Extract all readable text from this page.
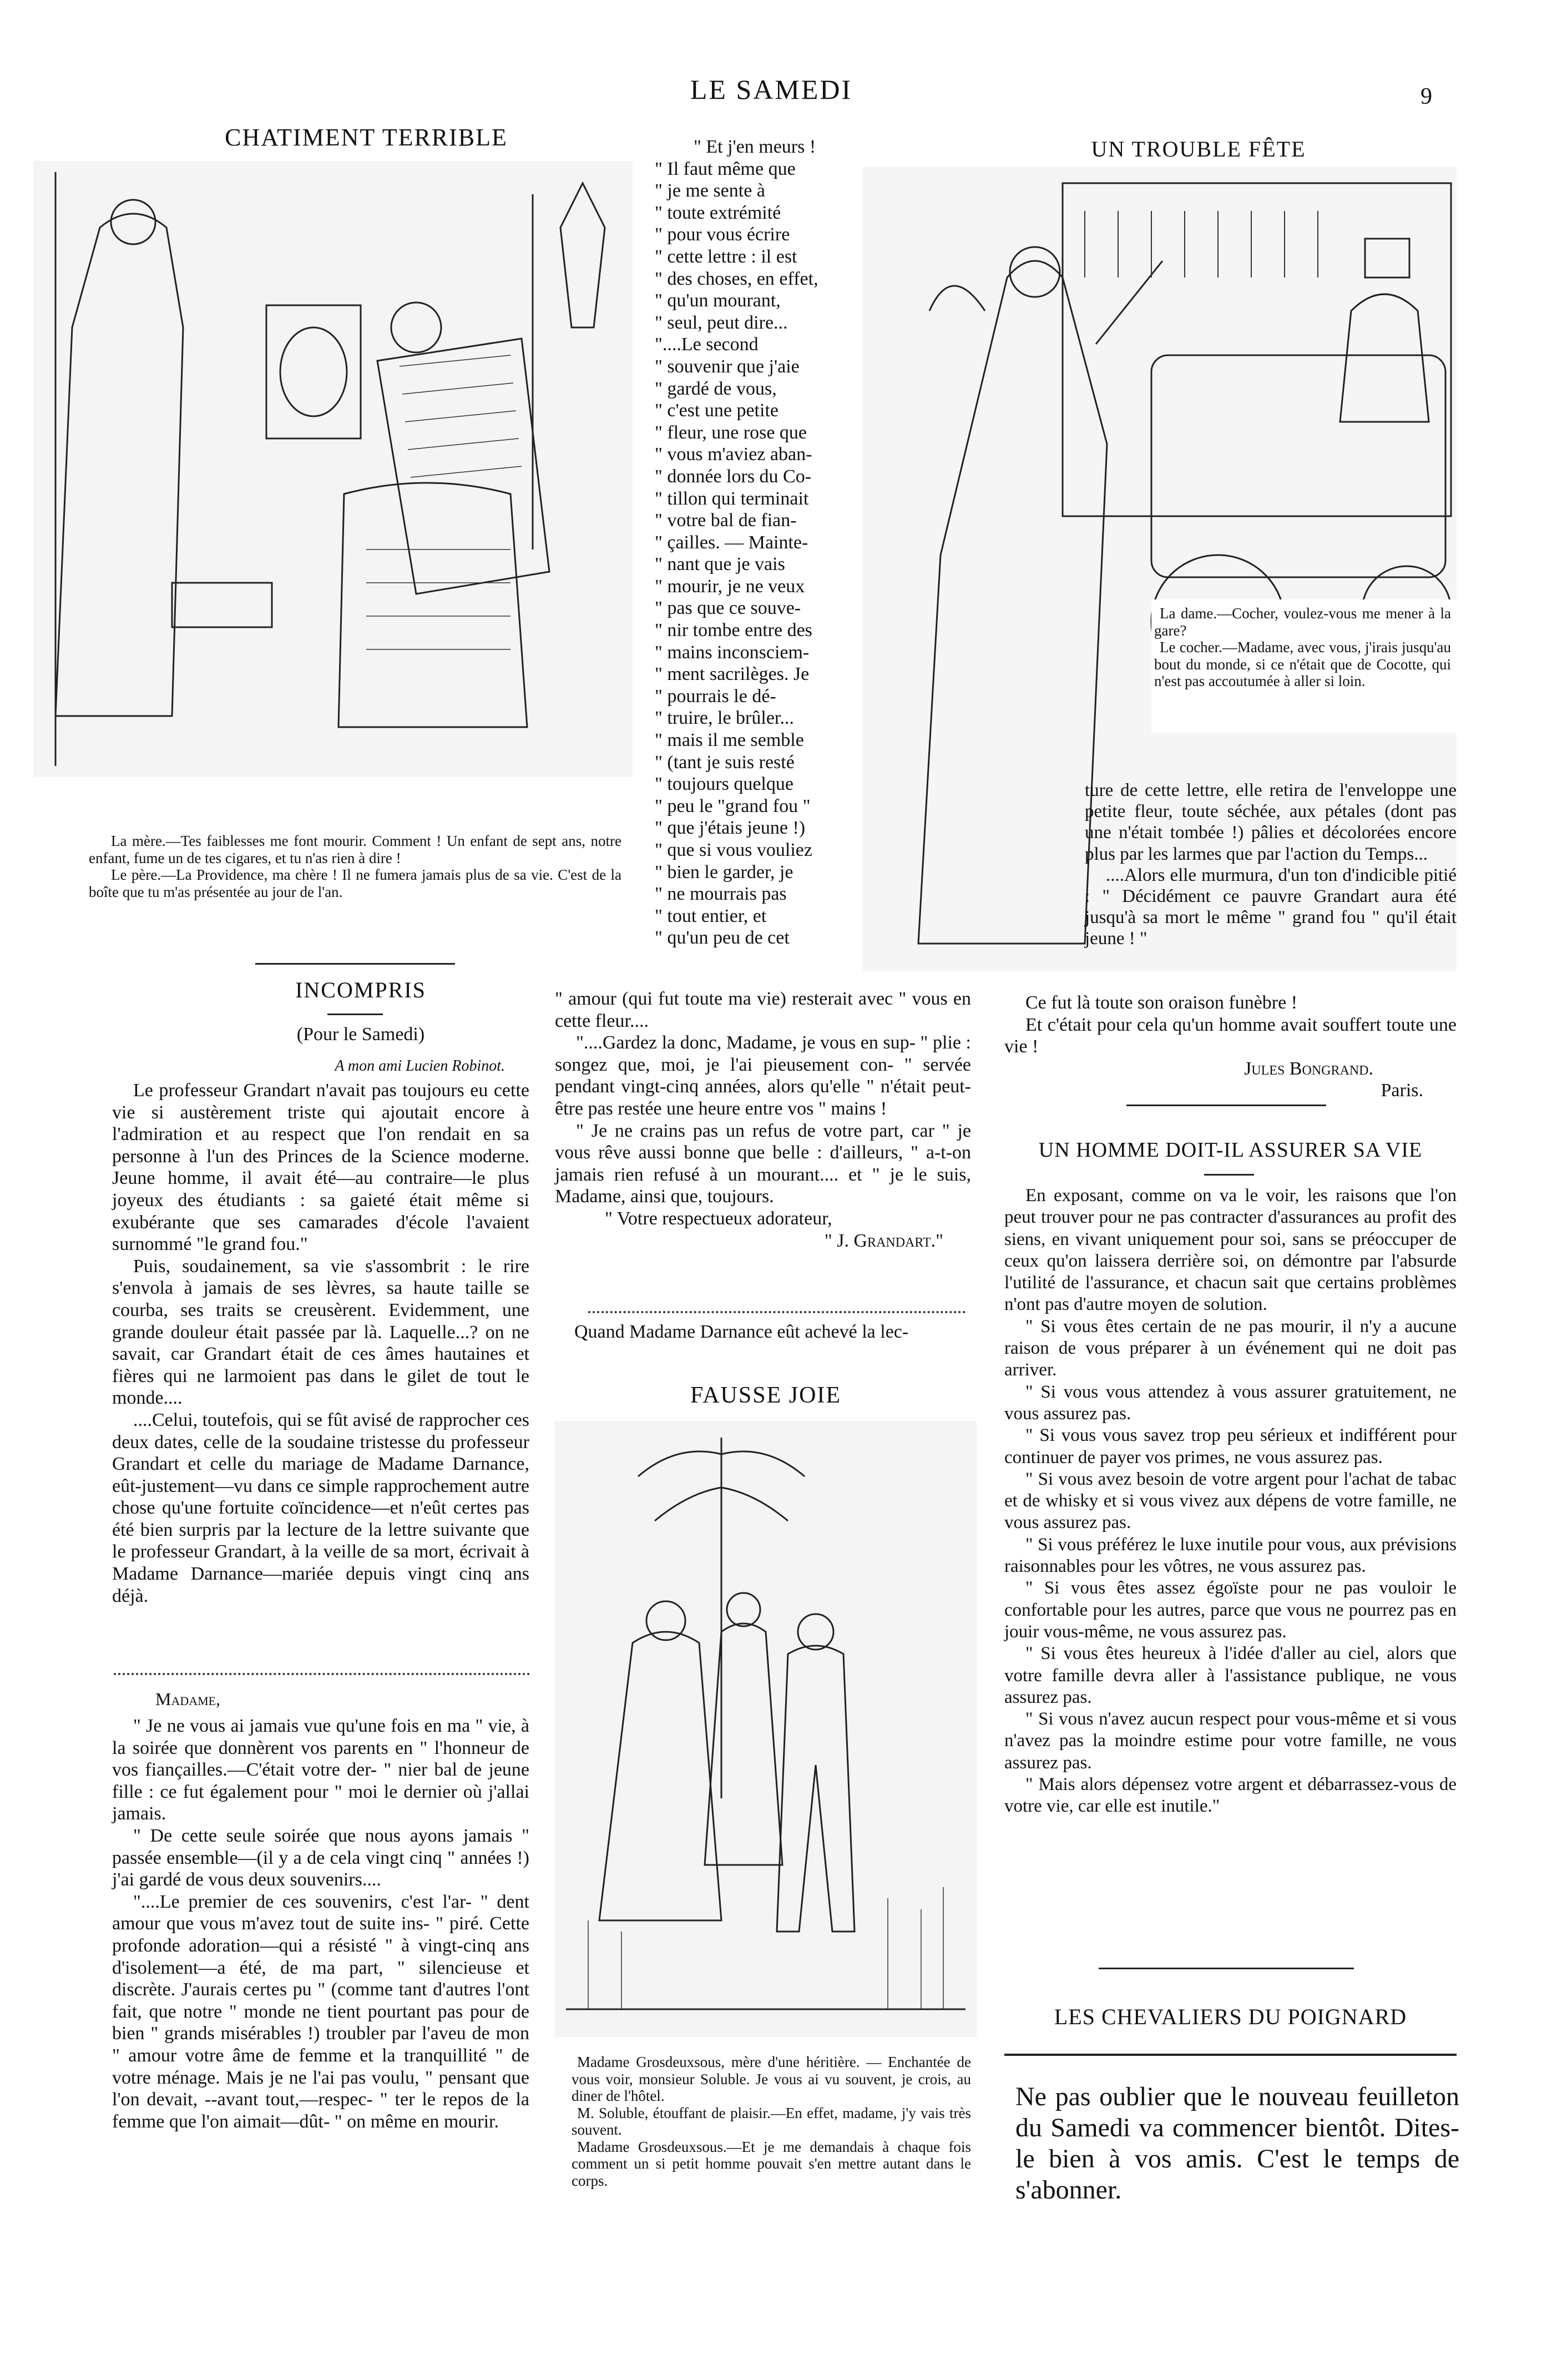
LE SAMEDI	9
CHATIMENT TERRIBLE

La mère.—Tes faiblesses me font mourir. Comment ! Un enfant de sept ans, notre enfant, fume un de tes cigares, et tu n'as rien à dire !

Le père.—La Providence, ma chère ! Il ne fumera jamais plus de sa vie. C'est de la boîte que tu m'as présentée au jour de l'an.

INCOMPRIS
(Pour le Samedi)
A mon ami Lucien Robinot.

Le professeur Grandart n'avait pas toujours eu cette vie si austèrement triste qui ajoutait encore à l'admiration et au respect que l'on rendait en sa personne à l'un des Princes de la Science moderne. Jeune homme, il avait été—au contraire—le plus joyeux des étudiants : sa gaieté était même si exubérante que ses camarades d'école l'avaient surnommé "le grand fou."

Puis, soudainement, sa vie s'assombrit : le rire s'envola à jamais de ses lèvres, sa haute taille se courba, ses traits se creusèrent. Evidemment, une grande douleur était passée par là. Laquelle...? on ne savait, car Grandart était de ces âmes hautaines et fières qui ne larmoient pas dans le gilet de tout le monde....

....Celui, toutefois, qui se fût avisé de rapprocher ces deux dates, celle de la soudaine tristesse du professeur Grandart et celle du mariage de Madame Darnance, eût-justement—vu dans ce simple rapprochement autre chose qu'une fortuite coïncidence—et n'eût certes pas été bien surpris par la lecture de la lettre suivante que le professeur Grandart, à la veille de sa mort, écrivait à Madame Darnance—mariée depuis vingt cinq ans déjà.

Madame,

" Je ne vous ai jamais vue qu'une fois en ma " vie, à la soirée que donnèrent vos parents en " l'honneur de vos fiançailles.—C'était votre der- " nier bal de jeune fille : ce fut également pour " moi le dernier où j'allai jamais.

" De cette seule soirée que nous ayons jamais " passée ensemble—(il y a de cela vingt cinq " années !) j'ai gardé de vous deux souvenirs....

"....Le premier de ces souvenirs, c'est l'ar- " dent amour que vous m'avez tout de suite ins- " piré. Cette profonde adoration—qui a résisté " à vingt-cinq ans d'isolement—a été, de ma part, " silencieuse et discrète. J'aurais certes pu " (comme tant d'autres l'ont fait, que notre " monde ne tient pourtant pas pour de bien " grands misérables !) troubler par l'aveu de mon " amour votre âme de femme et la tranquillité " de votre ménage. Mais je ne l'ai pas voulu, " pensant que l'on devait, --avant tout,—respec- " ter le repos de la femme que l'on aimait—dût- " on même en mourir.

" Et j'en meurs !

" Il faut même que

" je me sente à

" toute extrémité

" pour vous écrire

" cette lettre : il est

" des choses, en effet,

" qu'un mourant,

" seul, peut dire...

"....Le second

" souvenir que j'aie

" gardé de vous,

" c'est une petite

" fleur, une rose que

" vous m'aviez aban-

" donnée lors du Co-

" tillon qui terminait

" votre bal de fian-

" çailles. — Mainte-

" nant que je vais

" mourir, je ne veux

" pas que ce souve-

" nir tombe entre des

" mains inconsciem-

" ment sacrilèges. Je

" pourrais le dé-

" truire, le brûler...

" mais il me semble

" (tant je suis resté

" toujours quelque

" peu le "grand fou "

" que j'étais jeune !)

" que si vous vouliez

" bien le garder, je

" ne mourrais pas

" tout entier, et

" qu'un peu de cet

" amour (qui fut toute ma vie) resterait avec " vous en cette fleur....

"....Gardez la donc, Madame, je vous en sup- " plie : songez que, moi, je l'ai pieusement con- " servée pendant vingt-cinq années, alors qu'elle " n'était peut-être pas restée une heure entre vos " mains !

" Je ne crains pas un refus de votre part, car " je vous rêve aussi bonne que belle : d'ailleurs, " a-t-on jamais rien refusé à un mourant.... et " je le suis, Madame, ainsi que, toujours.

" Votre respectueux adorateur,

" J. Grandart."

Quand Madame Darnance eût achevé la lec-
FAUSSE JOIE

Madame Grosdeuxsous, mère d'une héritière. — Enchantée de vous voir, monsieur Soluble. Je vous ai vu souvent, je crois, au diner de l'hôtel.

M. Soluble, étouffant de plaisir.—En effet, madame, j'y vais très souvent.

Madame Grosdeuxsous.—Et je me demandais à chaque fois comment un si petit homme pouvait s'en mettre autant dans le corps.

UN TROUBLE FÊTE

La dame.—Cocher, voulez-vous me mener à la gare?

Le cocher.—Madame, avec vous, j'irais jusqu'au bout du monde, si ce n'était que de Cocotte, qui n'est pas accoutumée à aller si loin.

ture de cette lettre, elle retira de l'enveloppe une petite fleur, toute séchée, aux pétales (dont pas une n'était tombée !) pâlies et décolorées encore plus par les larmes que par l'action du Temps...

....Alors elle murmura, d'un ton d'indicible pitié : " Décidément ce pauvre Grandart aura été jusqu'à sa mort le même " grand fou " qu'il était jeune ! "

Ce fut là toute son oraison funèbre !

Et c'était pour cela qu'un homme avait souffert toute une vie !

Jules Bongrand.

Paris.

UN HOMME DOIT-IL ASSURER SA VIE

En exposant, comme on va le voir, les raisons que l'on peut trouver pour ne pas contracter d'assurances au profit des siens, en vivant uniquement pour soi, sans se préoccuper de ceux qu'on laissera derrière soi, on démontre par l'absurde l'utilité de l'assurance, et chacun sait que certains problèmes n'ont pas d'autre moyen de solution.

" Si vous êtes certain de ne pas mourir, il n'y a aucune raison de vous préparer à un événement qui ne doit pas arriver.

" Si vous vous attendez à vous assurer gratuitement, ne vous assurez pas.

" Si vous vous savez trop peu sérieux et indifférent pour continuer de payer vos primes, ne vous assurez pas.

" Si vous avez besoin de votre argent pour l'achat de tabac et de whisky et si vous vivez aux dépens de votre famille, ne vous assurez pas.

" Si vous préférez le luxe inutile pour vous, aux prévisions raisonnables pour les vôtres, ne vous assurez pas.

" Si vous êtes assez égoïste pour ne pas vouloir le confortable pour les autres, parce que vous ne pourrez pas en jouir vous-même, ne vous assurez pas.

" Si vous êtes heureux à l'idée d'aller au ciel, alors que votre famille devra aller à l'assistance publique, ne vous assurez pas.

" Si vous n'avez aucun respect pour vous-même et si vous n'avez pas la moindre estime pour votre famille, ne vous assurez pas.

" Mais alors dépensez votre argent et débarrassez-vous de votre vie, car elle est inutile."

LES CHEVALIERS DU POIGNARD
Ne pas oublier que le nouveau feuilleton du Samedi va commencer bientôt. Dites-le bien à vos amis. C'est le temps de s'abonner.
